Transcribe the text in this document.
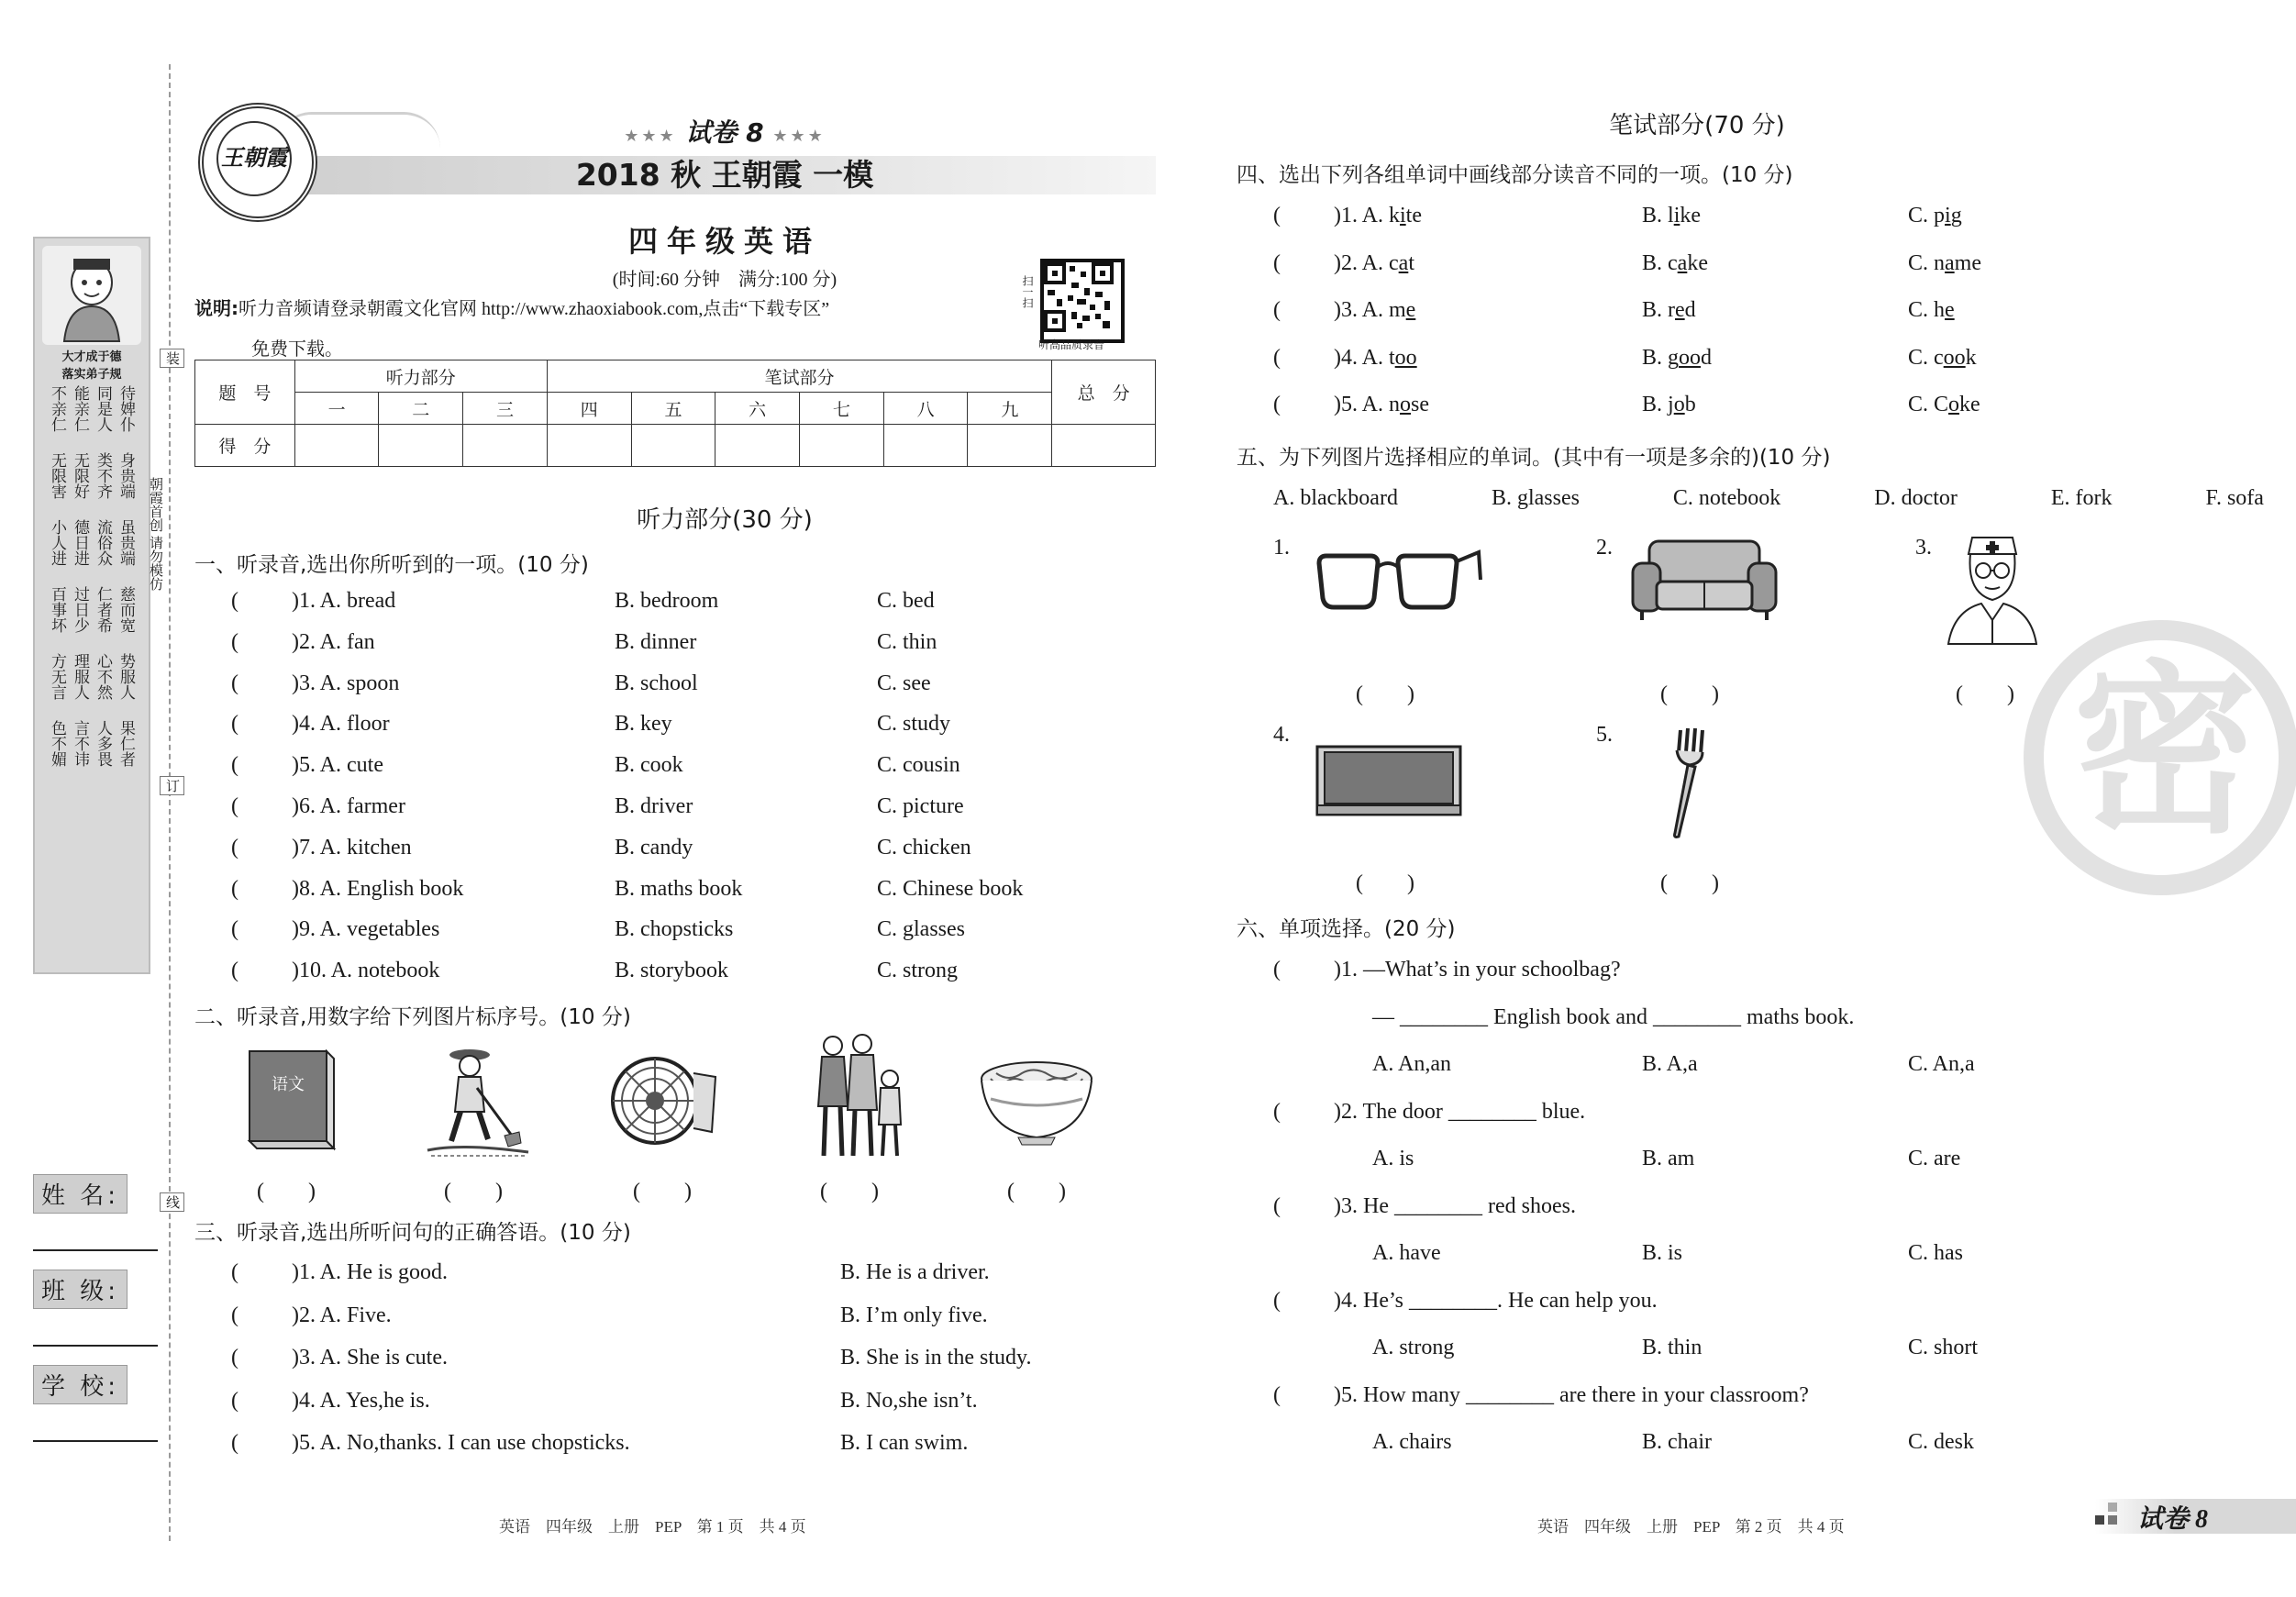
大才成于德
落实弟子规
待婢仆
同是人
能亲仁
不亲仁
身贵端
类不齐
无限好
无限害
虽贵端
流俗众
德日进
小人进
慈而宽
仁者希
过日少
百事坏
势服人
心不然
理服人
方无言
果仁者
人多畏
言不讳
色不媚
装
朝霞首创 请勿模仿
订
线
姓 名:
班 级:
学 校:
王朝霞
★★★ 试卷 8 ★★★
2018 秋 王朝霞 一模
四年级英语
(时间:60 分钟　满分:100 分)
说明:听力音频请登录朝霞文化官网 http://www.zhaoxiabook.com,点击“下载专区”
免费下载。
扫一扫
听高品质录音
题　号	听力部分			笔试部分						总　分
	一	二	三	四	五	六	七	八	九	
得　分										
听力部分(30 分)
一、听录音,选出你所听到的一项。(10 分)
( )1. A. bread	B. bedroom	C. bed
( )2. A. fan	B. dinner	C. thin
( )3. A. spoon	B. school	C. see
( )4. A. floor	B. key	C. study
( )5. A. cute	B. cook	C. cousin
( )6. A. farmer	B. driver	C. picture
( )7. A. kitchen	B. candy	C. chicken
( )8. A. English book	B. maths book	C. Chinese book
( )9. A. vegetables	B. chopsticks	C. glasses
( )10. A. notebook	B. storybook	C. strong
二、听录音,用数字给下列图片标序号。(10 分)
语文
(　　)	(　　)	(　　)	(　　)	(　　)
三、听录音,选出所听问句的正确答语。(10 分)
( )1. A. He is good.	B. He is a driver.
( )2. A. Five.	B. I’m only five.
( )3. A. She is cute.	B. She is in the study.
( )4. A. Yes,he is.	B. No,she isn’t.
( )5. A. No,thanks. I can use chopsticks.	B. I can swim.
英语　四年级　上册　PEP　第 1 页　共 4 页
笔试部分(70 分)
四、选出下列各组单词中画线部分读音不同的一项。(10 分)
( )1. A. kite	B. like	C. pig
( )2. A. cat	B. cake	C. name
( )3. A. me	B. red	C. he
( )4. A. too	B. good	C. cook
( )5. A. nose	B. job	C. Coke
五、为下列图片选择相应的单词。(其中有一项是多余的)(10 分)
A. blackboard	B. glasses	C. notebook	D. doctor	E. fork	F. sofa
1.	2.	3.
4.	5.
(　　)	(　　)	(　　)
(　　)	(　　)
六、单项选择。(20 分)
( )1. —What’s in your schoolbag?
— ________ English book and ________ maths book.
A. An,an	B. A,a	C. An,a
( )2. The door ________ blue.
A. is	B. am	C. are
( )3. He ________ red shoes.
A. have	B. is	C. has
( )4. He’s ________. He can help you.
A. strong	B. thin	C. short
( )5. How many ________ are there in your classroom?
A. chairs	B. chair	C. desk
密
英语　四年级　上册　PEP　第 2 页　共 4 页	试卷 8
